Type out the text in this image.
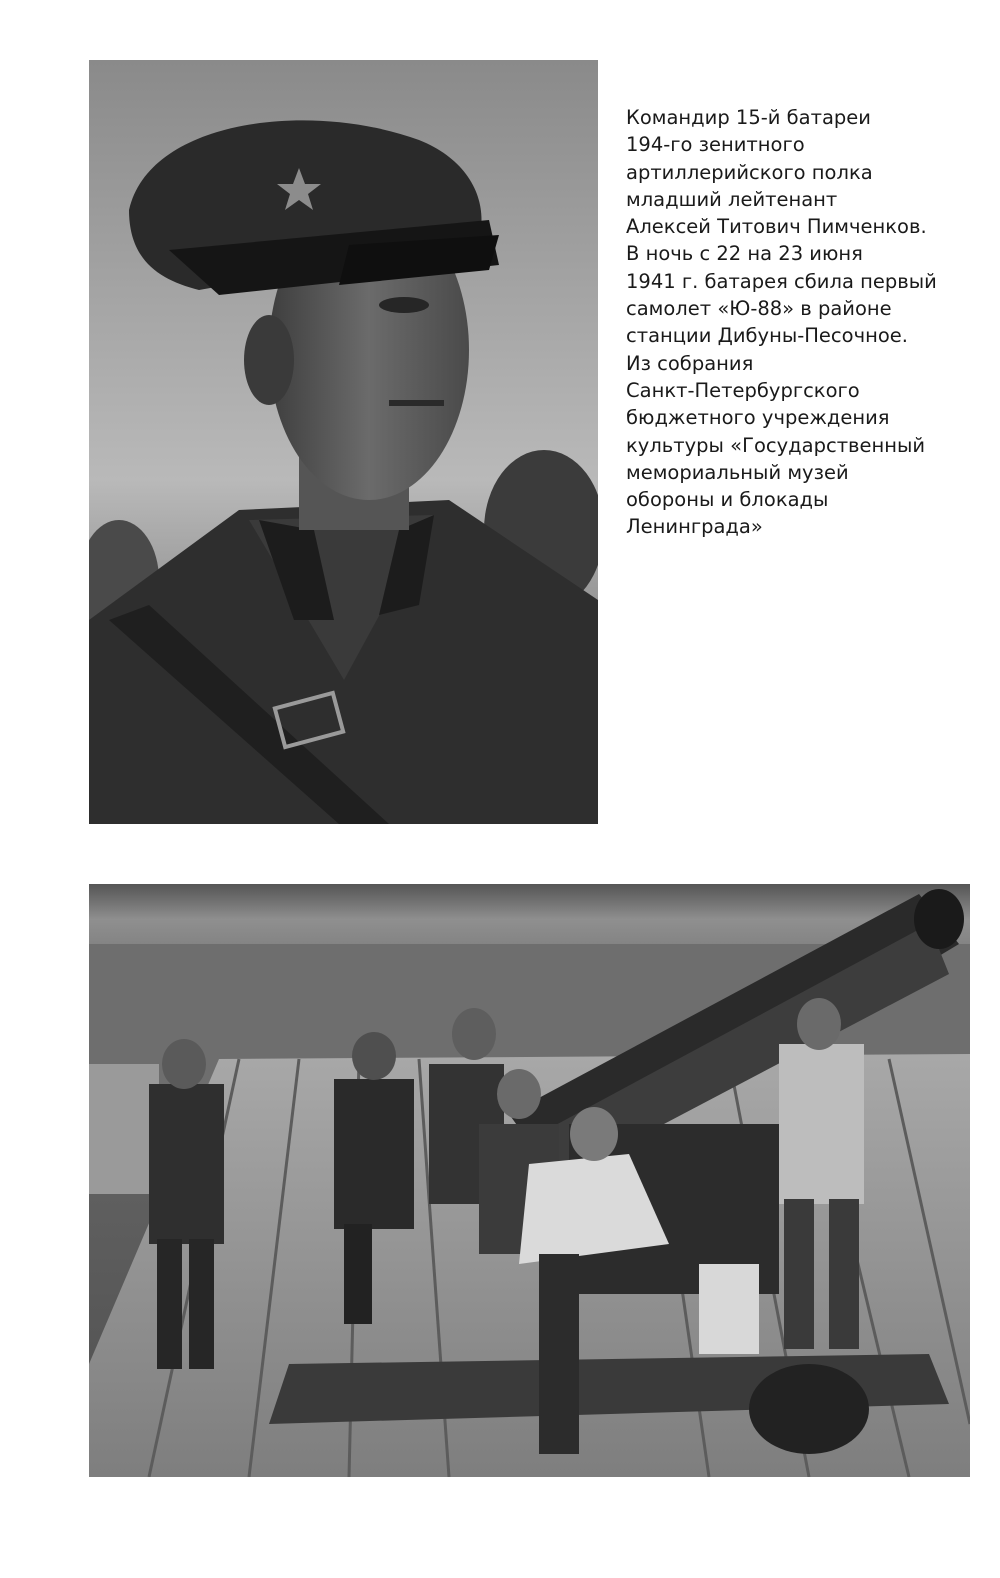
Командир 15-й батареи
194-го зенитного
артиллерийского полка
младший лейтенант
Алексей Титович Пимченков.
В ночь с 22 на 23 июня
1941 г. батарея сбила первый
самолет «Ю-88» в районе
станции Дибуны-Песочное.
Из собрания
Санкт-Петербургского
бюджетного учреждения
культуры «Государственный
мемориальный музей
обороны и блокады
Ленинграда»
